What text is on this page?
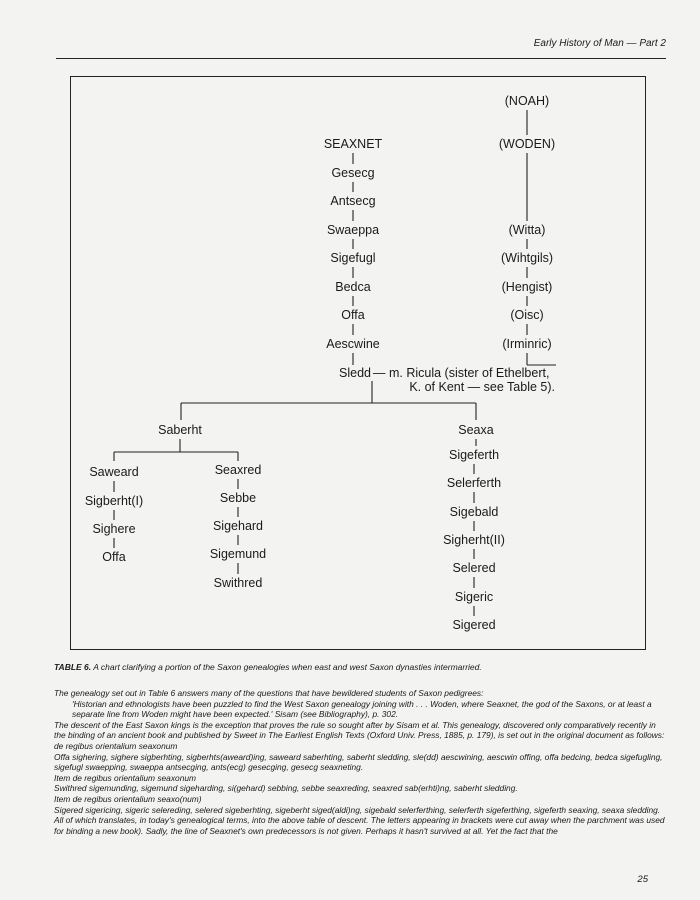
Early History of Man — Part 2
(NOAH)
(WODEN)
(Witta)
(Wihtgils)
(Hengist)
(Oisc)
(Irminric)
SEAXNET
Gesecg
Antsecg
Swaeppa
Sigefugl
Bedca
Offa
Aescwine
Sledd — m. Ricula (sister of Ethelbert,
K. of Kent — see Table 5).
Saberht	Seaxa
Saweard
Sigberht(I)
Sighere
Offa
Seaxred
Sebbe
Sigehard
Sigemund
Swithred
Sigeferth
Selerferth
Sigebald
Sigherht(II)
Selered
Sigeric
Sigered
TABLE 6. A chart clarifying a portion of the Saxon genealogies when east and west Saxon dynasties intermarried.

The genealogy set out in Table 6 answers many of the questions that have bewildered students of Saxon pedigrees:

'Historian and ethnologists have been puzzled to find the West Saxon genealogy joining with . . . Woden, where Seaxnet, the god of the Saxons, or at least a separate line from Woden might have been expected.' Sisam (see Bibliography), p. 302.

The descent of the East Saxon kings is the exception that proves the rule so sought after by Sisam et al. This genealogy, discovered only comparatively recently in the binding of an ancient book and published by Sweet in The Earliest English Texts (Oxford Univ. Press, 1885, p. 179), is set out in the original document as follows:

de regibus orientalium seaxonum

Offa sighering, sighere sigberhting, sigberhts(aweard)ing, saweard saberhting, saberht sledding, sle(dd) aescwining, aescwin offing, offa bedcing, bedca sigefugling, sigefugl swaepping, swaeppa antsecging, ants(ecg) gesecging, gesecg seaxneting.

Item de regibus orientalium seaxonum

Swithred sigemunding, sigemund sigeharding, si(gehard) sebbing, sebbe seaxreding, seaxred sab(erhti)ng, saberht sledding.

Item de regibus orientalium seaxo(num)

Sigered sigericing, sigeric selereding, selered sigeberhting, sigeberht siged(aldi)ng, sigebald selerferthing, selerferth sigeferthing, sigeferth seaxing, seaxa sledding.

All of which translates, in today's genealogical terms, into the above table of descent. The letters appearing in brackets were cut away when the parchment was used for binding a new book). Sadly, the line of Seaxnet's own predecessors is not given. Perhaps it hasn't survived at all. Yet the fact that the

25
